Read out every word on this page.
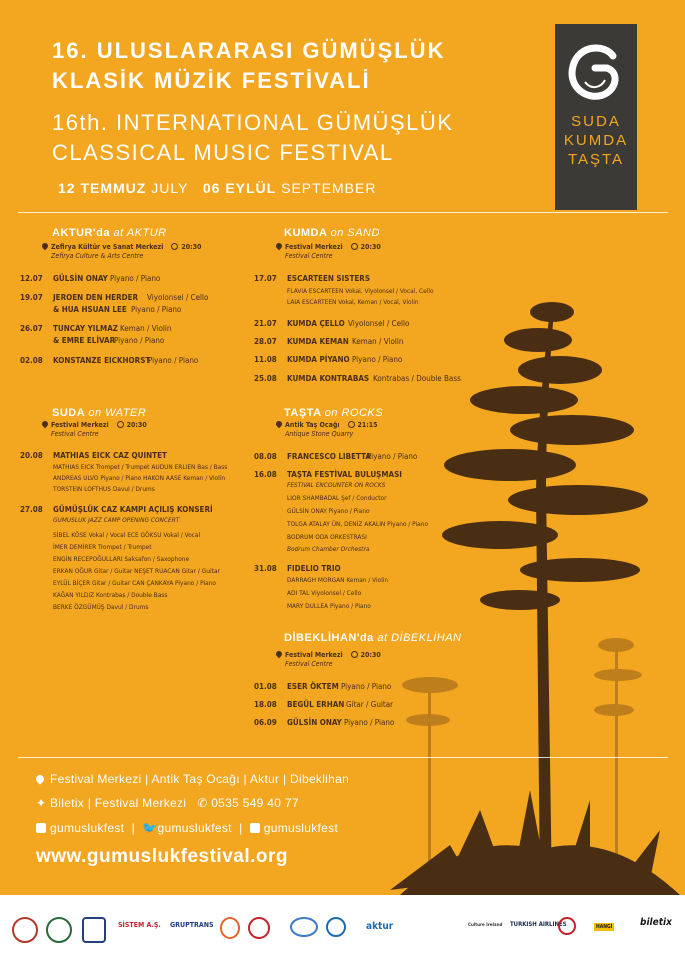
16. ULUSLARARASI GÜMÜŞLÜK
KLASİK MÜZİK FESTİVALİ
16th. INTERNATIONAL GÜMÜŞLÜK
CLASSICAL MUSIC FESTIVAL
12 TEMMUZ JULY 06 EYLÜL SEPTEMBER
SUDA
KUMDA
TAŞTA
AKTUR'da at AKTUR
Zefirya Kültür ve Sanat Merkezi	20:30
Zefirya Culture & Arts Centre
12.07 GÜLSİN ONAY Piyano / Piano
19.07 JEROEN DEN HERDER Viyolonsel / Cello
& HUA HSUAN LEE Piyano / Piano
26.07 TUNCAY YILMAZ Keman / Violin
& EMRE ELİVAR
Piyano / Piano
02.08 KONSTANZE EICKHORST
Piyano / Piano
KUMDA on SAND
Festival Merkezi	20:30
Festival Centre
17.07 ESCARTEEN SISTERS
FLAVIA ESCARTEEN Vokal, Viyolonsel / Vocal, Cello
LAIA ESCARTEEN Vokal, Keman / Vocal, Violin
21.07 KUMDA ÇELLO Viyolonsel / Cello
28.07 KUMDA KEMAN Keman / Violin
11.08 KUMDA PİYANO Piyano / Piano
25.08 KUMDA KONTRABAS Kontrabas / Double Bass
SUDA on WATER
Festival Merkezi	20:30
Festival Centre
20.08 MATHIAS EICK CAZ QUINTET
MATHIAS EICK Trompet / Trumpet AUDUN ERLIEN Bas / Bass
ANDREAS ULVO Piyano / Piano HAKON AASE Keman / Violin
TORSTEIN LOFTHUS Davul / Drums
27.08 GÜMÜŞLÜK CAZ KAMPI AÇILIŞ KONSERİ
GUMUSLUK JAZZ CAMP OPENING CONCERT
SİBEL KÖSE Vokal / Vocal ECE GÖKSU Vokal / Vocal
İMER DEMİRER Trompet / Trumpet
ENGİN RECEPOĞULLARI Saksafon / Saxophone
ERKAN OĞUR Gitar / Guitar NEŞET RUACAN Gitar / Guitar
EYLÜL BİÇER Gitar / Guitar CAN ÇANKAYA Piyano / Piano
KAĞAN YILDIZ Kontrabas / Double Bass
BERKE ÖZGÜMÜŞ Davul / Drums
TAŞTA on ROCKS
Antik Taş Ocağı	21:15
Antique Stone Quarry
08.08 FRANCESCO LIBETTA
Piyano / Piano
16.08 TAŞTA FESTİVAL BULUŞMASI
FESTIVAL ENCOUNTER ON ROCKS
LIOR SHAMBADAL Şef / Conductor
GÜLSİN ONAY Piyano / Piano
TOLGA ATALAY ÜN, DENİZ AKALIN Piyano / Piano
BODRUM ODA ORKESTRASI
Bodrum Chamber Orchestra
31.08 FIDELIO TRIO
DARRAGH MORGAN Keman / Violin
ADI TAL Viyolonsel / Cello
MARY DULLEA Piyano / Piano
DİBEKLİHAN'da at DİBEKLİHAN
Festival Merkezi	20:30
Festival Centre
01.08 ESER ÖKTEM Piyano / Piano
18.08 BEGÜL ERHAN Gitar / Guitar
06.09 GÜLSİN ONAY Piyano / Piano
Festival Merkezi | Antik Taş Ocağı | Aktur | Dibeklihan
✦ Biletix | Festival Merkezi ✆ 0535 549 40 77
gumuslukfest  |  🐦gumuslukfest  |  gumuslukfest
www.gumuslukfestival.org
SİSTEM A.Ş. GRUPTRANS	aktur	Culture Ireland TURKISH AIRLINES	HANGİ	biletix
